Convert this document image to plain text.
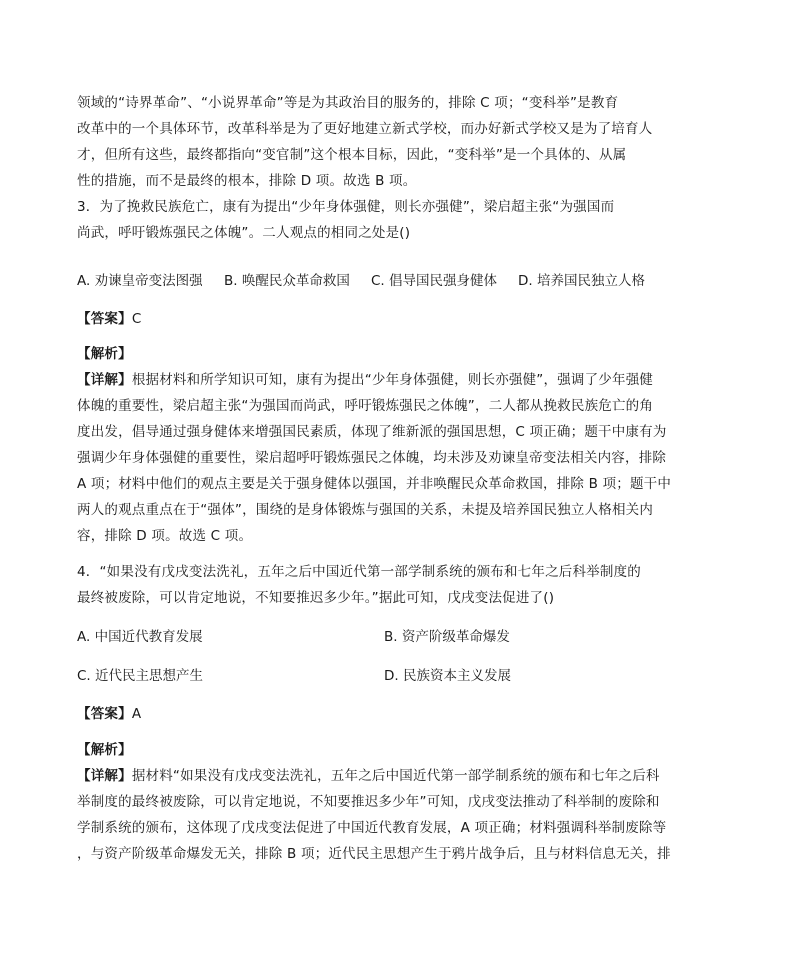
领域的“诗界革命”、“小说界革命”等是为其政治目的服务的，排除 C 项；“变科举”是教育
改革中的一个具体环节，改革科举是为了更好地建立新式学校，而办好新式学校又是为了培育人
才，但所有这些，最终都指向“变官制”这个根本目标，因此，“变科举”是一个具体的、从属
性的措施，而不是最终的根本，排除 D 项。故选 B 项。
3．为了挽救民族危亡，康有为提出“少年身体强健，则长亦强健”，梁启超主张“为强国而
尚武，呼吁锻炼强民之体魄”。二人观点的相同之处是()
A. 劝谏皇帝变法图强 B. 唤醒民众革命救国 C. 倡导国民强身健体 D. 培养国民独立人格
【答案】C
【解析】
【详解】根据材料和所学知识可知，康有为提出“少年身体强健，则长亦强健”，强调了少年强健
体魄的重要性，梁启超主张“为强国而尚武，呼吁锻炼强民之体魄”，二人都从挽救民族危亡的角
度出发，倡导通过强身健体来增强国民素质，体现了维新派的强国思想，C 项正确；题干中康有为
强调少年身体强健的重要性，梁启超呼吁锻炼强民之体魄，均未涉及劝谏皇帝变法相关内容，排除
A 项；材料中他们的观点主要是关于强身健体以强国，并非唤醒民众革命救国，排除 B 项；题干中
两人的观点重点在于“强体”，围绕的是身体锻炼与强国的关系，未提及培养国民独立人格相关内
容，排除 D 项。故选 C 项。
4．“如果没有戊戌变法洗礼，五年之后中国近代第一部学制系统的颁布和七年之后科举制度的
最终被废除，可以肯定地说，不知要推迟多少年。”据此可知，戊戌变法促进了()
A. 中国近代教育发展	B. 资产阶级革命爆发
C. 近代民主思想产生	D. 民族资本主义发展
【答案】A
【解析】
【详解】据材料“如果没有戊戌变法洗礼，五年之后中国近代第一部学制系统的颁布和七年之后科
举制度的最终被废除，可以肯定地说，不知要推迟多少年”可知，戊戌变法推动了科举制的废除和
学制系统的颁布，这体现了戊戌变法促进了中国近代教育发展，A 项正确；材料强调科举制废除等
，与资产阶级革命爆发无关，排除 B 项；近代民主思想产生于鸦片战争后，且与材料信息无关，排
